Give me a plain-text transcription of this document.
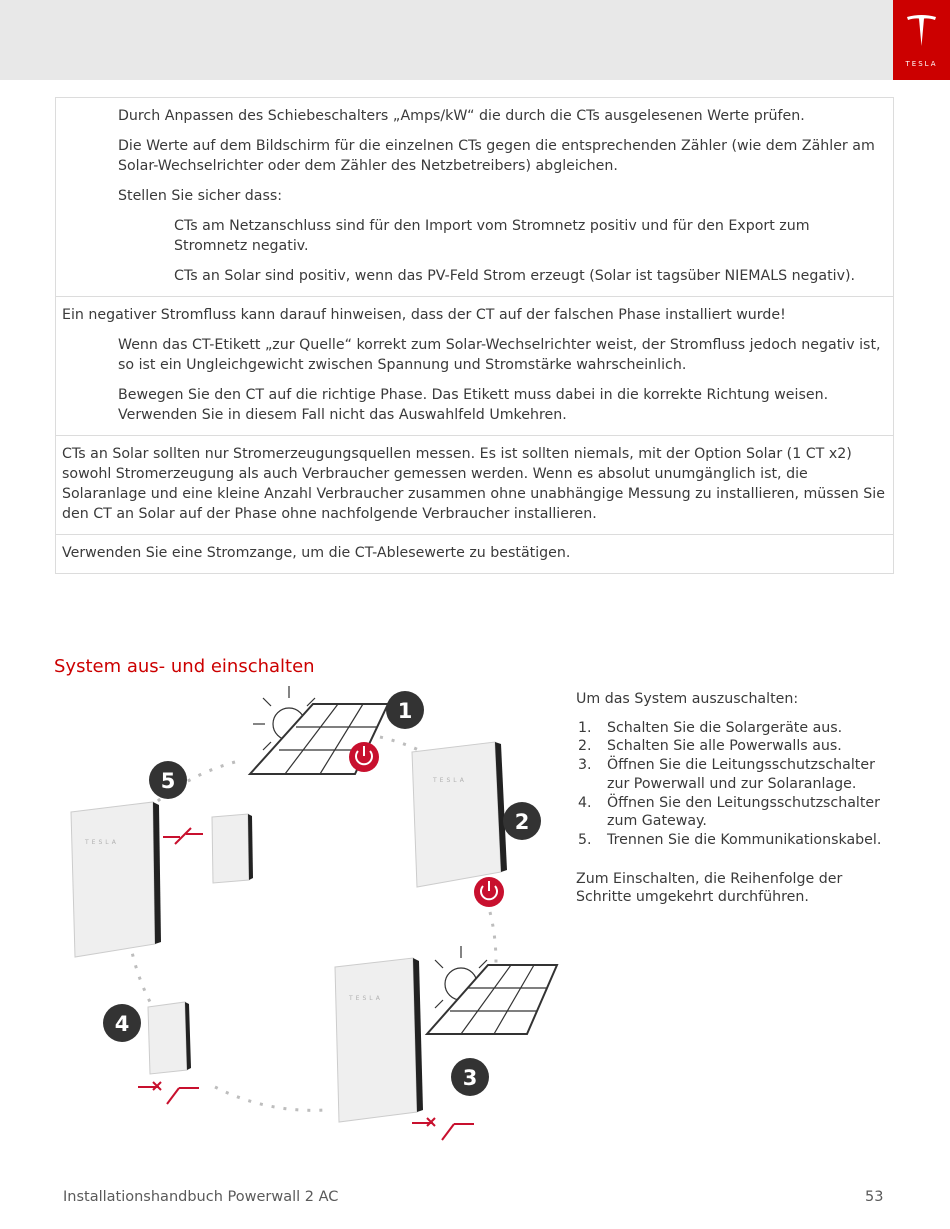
TESLA
Durch Anpassen des Schiebeschalters „Amps/kW“ die durch die CTs ausgelesenen Werte prüfen.
Die Werte auf dem Bildschirm für die einzelnen CTs gegen die entsprechenden Zähler (wie dem Zähler am Solar-Wechselrichter oder dem Zähler des Netzbetreibers) abgleichen.
Stellen Sie sicher dass:
CTs am Netzanschluss sind für den Import vom Stromnetz positiv und für den Export zum Stromnetz negativ.
CTs an Solar sind positiv, wenn das PV-Feld Strom erzeugt (Solar ist tagsüber NIEMALS negativ).

Ein negativer Stromfluss kann darauf hinweisen, dass der CT auf der falschen Phase installiert wurde!
Wenn das CT-Etikett „zur Quelle“ korrekt zum Solar-Wechselrichter weist, der Stromfluss jedoch negativ ist, so ist ein Ungleichgewicht zwischen Spannung und Stromstärke wahrscheinlich.
Bewegen Sie den CT auf die richtige Phase. Das Etikett muss dabei in die korrekte Richtung weisen. Verwenden Sie in diesem Fall nicht das Auswahlfeld Umkehren.

CTs an Solar sollten nur Stromerzeugungsquellen messen. Es ist sollten niemals, mit der Option Solar (1 CT x2) sowohl Stromerzeugung als auch Verbraucher gemessen werden. Wenn es absolut unumgänglich ist, die Solaranlage und eine kleine Anzahl Verbraucher zusammen ohne unabhängige Messung zu installieren, müssen Sie den CT an Solar auf der Phase ohne nachfolgende Verbraucher installieren.

Verwenden Sie eine Stromzange, um die CT-Ablesewerte zu bestätigen.
System aus- und einschalten
TESLA
TESLA
TESLA
1
2
3
4
5

Um das System auszuschalten:

1. Schalten Sie die Solargeräte aus.
2. Schalten Sie alle Powerwalls aus.
3. Öffnen Sie die Leitungsschutzschalter zur Powerwall und zur Solaranlage.
4. Öffnen Sie den Leitungsschutzschalter zum Gateway.
5. Trennen Sie die Kommunikationskabel.

Zum Einschalten, die Reihenfolge der Schritte umgekehrt durchführen.

Installationshandbuch Powerwall 2 AC	53
